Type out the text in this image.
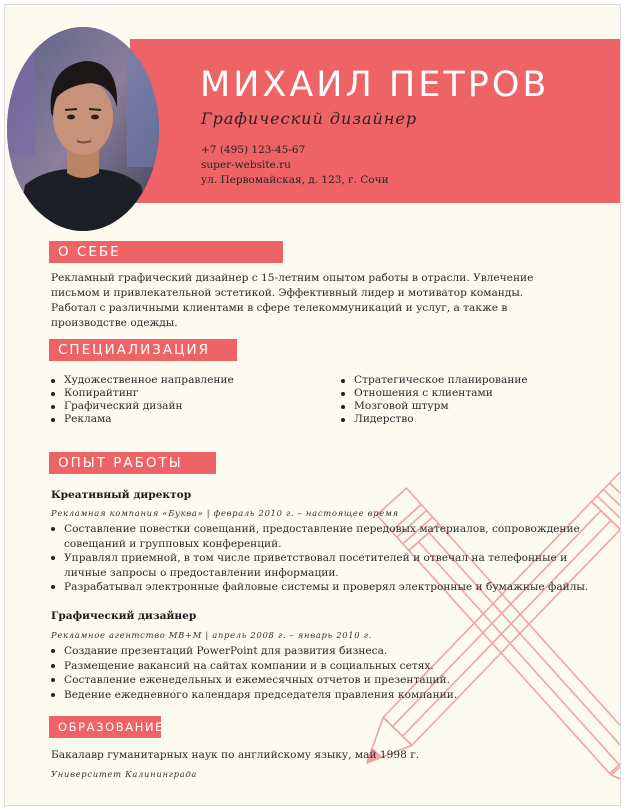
МИХАИЛ ПЕТРОВ
Графический дизайнер
+7 (495) 123-45-67
super-website.ru
ул. Первомайская, д. 123, г. Сочи
О СЕБЕ
Рекламный графический дизайнер с 15-летним опытом работы в отрасли. Увлечение письмом и привлекательной эстетикой. Эффективный лидер и мотиватор команды. Работал с различными клиентами в сфере телекоммуникаций и услуг, а также в производстве одежды.
СПЕЦИАЛИЗАЦИЯ
Художественное направление
Копирайтинг
Графический дизайн
Реклама
Стратегическое планирование
Отношения с клиентами
Мозговой штурм
Лидерство
ОПЫТ РАБОТЫ
Креативный директор
Рекламная компания «Буква» | февраль 2010 г. – настоящее время
Составление повестки совещаний, предоставление передовых материалов, сопровождение совещаний и групповых конференций.
Управлял приемной, в том числе приветствовал посетителей и отвечал на телефонные и личные запросы о предоставлении информации.
Разрабатывал электронные файловые системы и проверял электронные и бумажные файлы.
Графический дизайнер
Рекламное агентство МВ+М | апрель 2008 г. – январь 2010 г.
Создание презентаций PowerPoint для развития бизнеса.
Размещение вакансий на сайтах компании и в социальных сетях.
Составление еженедельных и ежемесячных отчетов и презентаций.
Ведение ежедневного календаря председателя правления компании.
ОБРАЗОВАНИЕ
Бакалавр гуманитарных наук по английскому языку, май 1998 г.
Университет Калининграда
